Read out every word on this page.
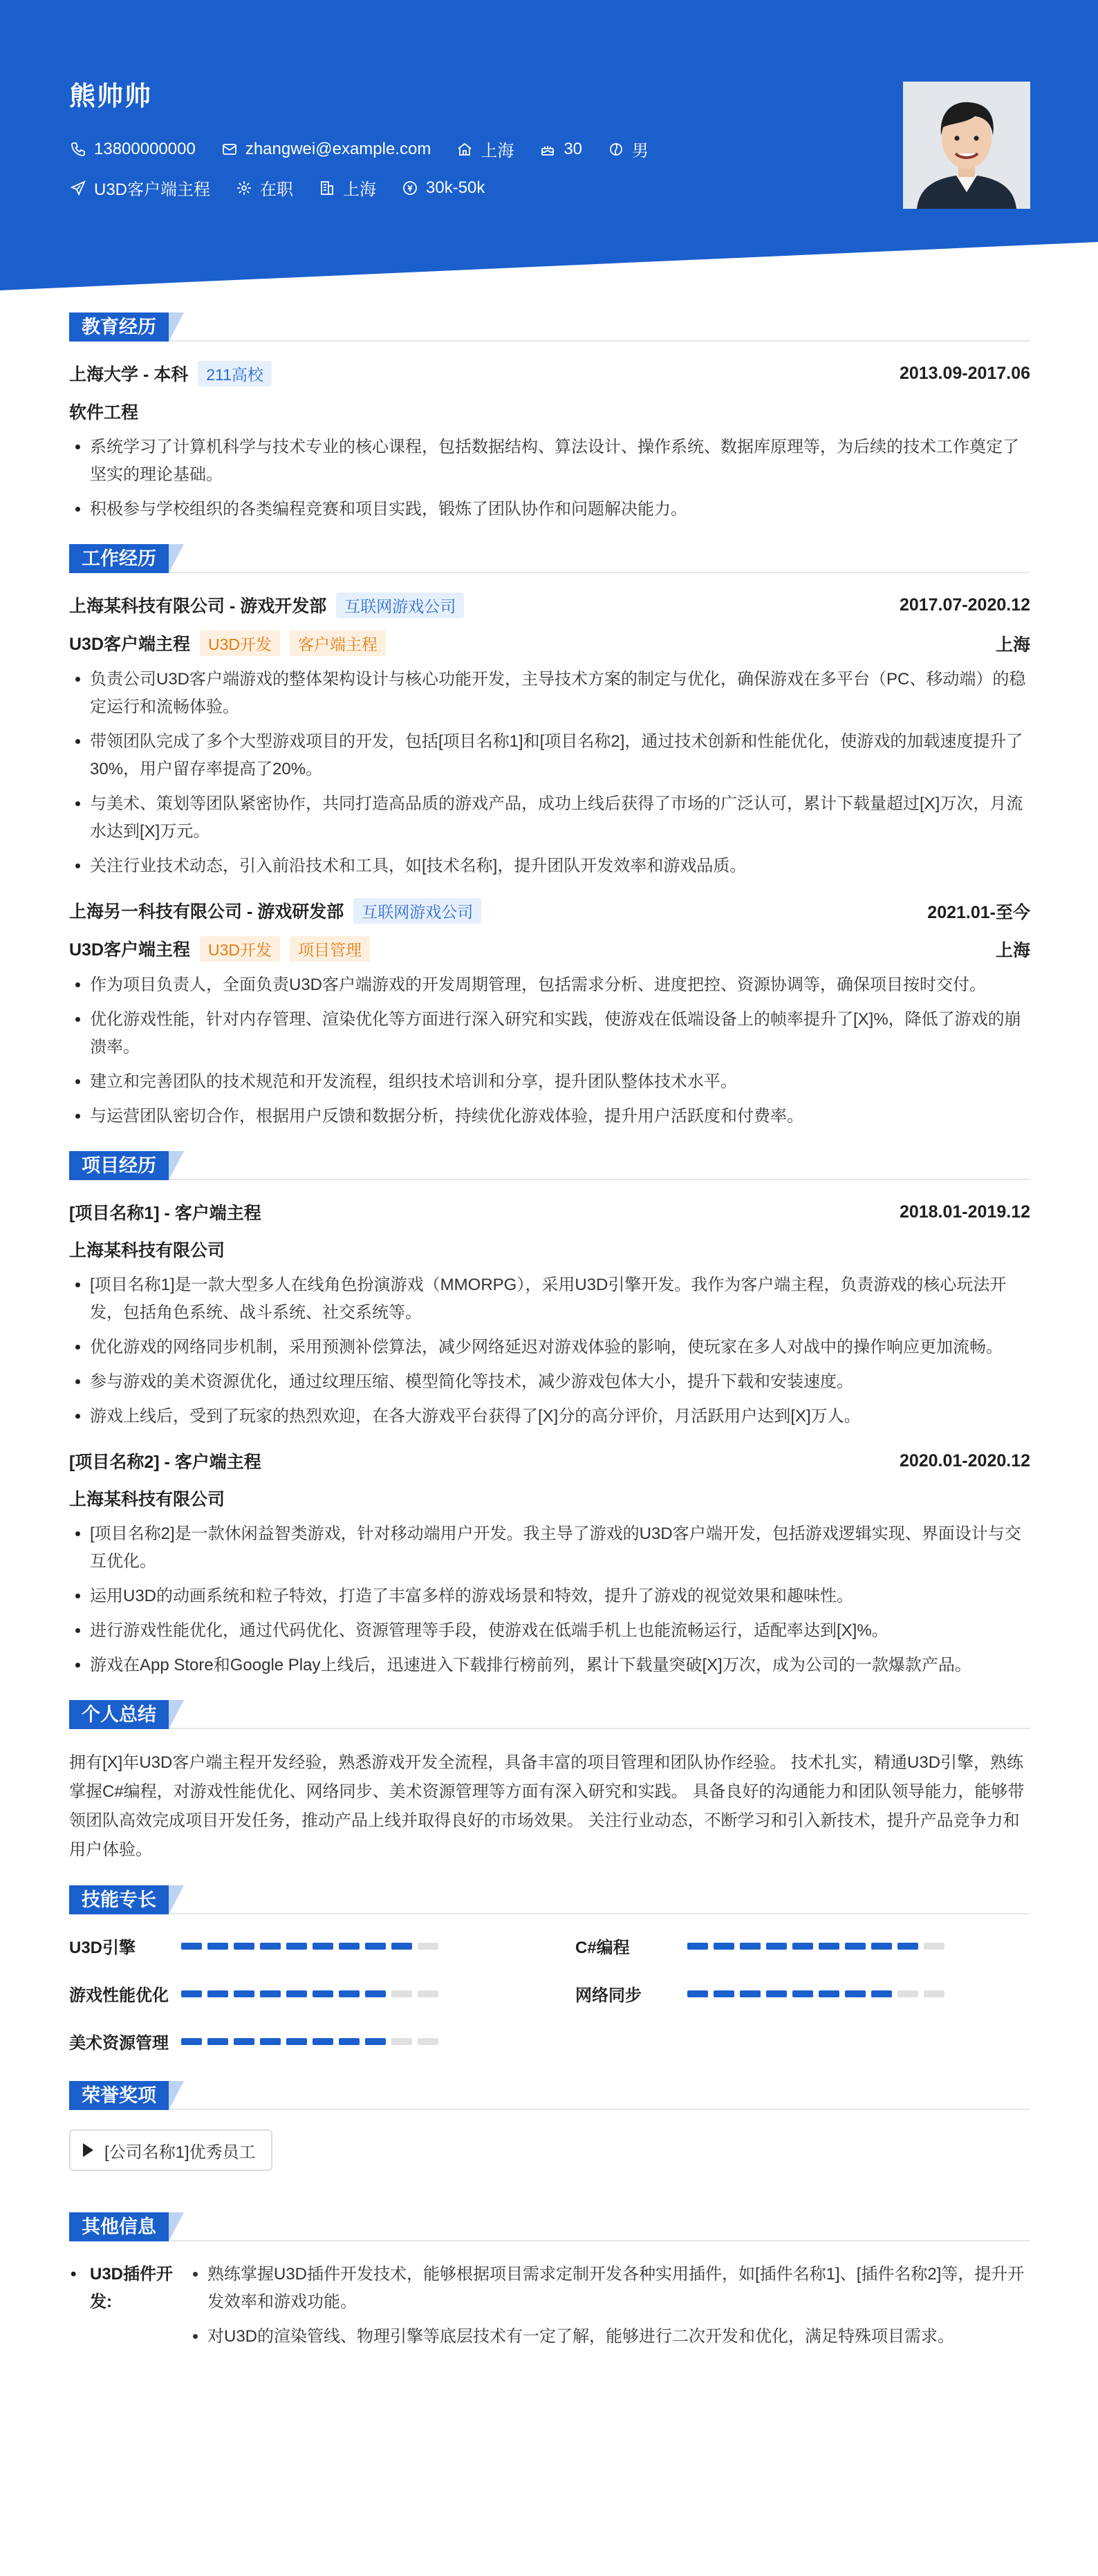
熊帅帅
13800000000	zhangwei@example.com	上海	30	男
U3D客户端主程	在职	上海	30k-50k
教育经历
上海大学 - 本科 211高校	2013.09-2017.06
软件工程
• 系统学习了计算机科学与技术专业的核心课程，包括数据结构、算法设计、操作系统、数据库原理等，为后续的技术工作奠定了坚实的理论基础。
• 积极参与学校组织的各类编程竞赛和项目实践，锻炼了团队协作和问题解决能力。
工作经历
上海某科技有限公司 - 游戏开发部 互联网游戏公司	2017.07-2020.12
U3D客户端主程 U3D开发 客户端主程	上海
• 负责公司U3D客户端游戏的整体架构设计与核心功能开发，主导技术方案的制定与优化，确保游戏在多平台（PC、移动端）的稳定运行和流畅体验。
• 带领团队完成了多个大型游戏项目的开发，包括[项目名称1]和[项目名称2]，通过技术创新和性能优化，使游戏的加载速度提升了30%，用户留存率提高了20%。
• 与美术、策划等团队紧密协作，共同打造高品质的游戏产品，成功上线后获得了市场的广泛认可，累计下载量超过[X]万次，月流水达到[X]万元。
• 关注行业技术动态，引入前沿技术和工具，如[技术名称]，提升团队开发效率和游戏品质。
上海另一科技有限公司 - 游戏研发部 互联网游戏公司	2021.01-至今
U3D客户端主程 U3D开发 项目管理	上海
• 作为项目负责人，全面负责U3D客户端游戏的开发周期管理，包括需求分析、进度把控、资源协调等，确保项目按时交付。
• 优化游戏性能，针对内存管理、渲染优化等方面进行深入研究和实践，使游戏在低端设备上的帧率提升了[X]%，降低了游戏的崩溃率。
• 建立和完善团队的技术规范和开发流程，组织技术培训和分享，提升团队整体技术水平。
• 与运营团队密切合作，根据用户反馈和数据分析，持续优化游戏体验，提升用户活跃度和付费率。
项目经历
[项目名称1] - 客户端主程	2018.01-2019.12
上海某科技有限公司
• [项目名称1]是一款大型多人在线角色扮演游戏（MMORPG），采用U3D引擎开发。我作为客户端主程，负责游戏的核心玩法开发，包括角色系统、战斗系统、社交系统等。
• 优化游戏的网络同步机制，采用预测补偿算法，减少网络延迟对游戏体验的影响，使玩家在多人对战中的操作响应更加流畅。
• 参与游戏的美术资源优化，通过纹理压缩、模型简化等技术，减少游戏包体大小，提升下载和安装速度。
• 游戏上线后，受到了玩家的热烈欢迎，在各大游戏平台获得了[X]分的高分评价，月活跃用户达到[X]万人。
[项目名称2] - 客户端主程	2020.01-2020.12
上海某科技有限公司
• [项目名称2]是一款休闲益智类游戏，针对移动端用户开发。我主导了游戏的U3D客户端开发，包括游戏逻辑实现、界面设计与交互优化。
• 运用U3D的动画系统和粒子特效，打造了丰富多样的游戏场景和特效，提升了游戏的视觉效果和趣味性。
• 进行游戏性能优化，通过代码优化、资源管理等手段，使游戏在低端手机上也能流畅运行，适配率达到[X]%。
• 游戏在App Store和Google Play上线后，迅速进入下载排行榜前列，累计下载量突破[X]万次，成为公司的一款爆款产品。
个人总结
拥有[X]年U3D客户端主程开发经验，熟悉游戏开发全流程，具备丰富的项目管理和团队协作经验。 技术扎实，精通U3D引擎，熟练掌握C#编程，对游戏性能优化、网络同步、美术资源管理等方面有深入研究和实践。 具备良好的沟通能力和团队领导能力，能够带领团队高效完成项目开发任务，推动产品上线并取得良好的市场效果。 关注行业动态，不断学习和引入新技术，提升产品竞争力和用户体验。
技能专长
U3D引擎	C#编程
游戏性能优化	网络同步
美术资源管理
荣誉奖项
[公司名称1]优秀员工
其他信息
• U3D插件开发:
• 熟练掌握U3D插件开发技术，能够根据项目需求定制开发各种实用插件，如[插件名称1]、[插件名称2]等，提升开发效率和游戏功能。
• 对U3D的渲染管线、物理引擎等底层技术有一定了解，能够进行二次开发和优化，满足特殊项目需求。
